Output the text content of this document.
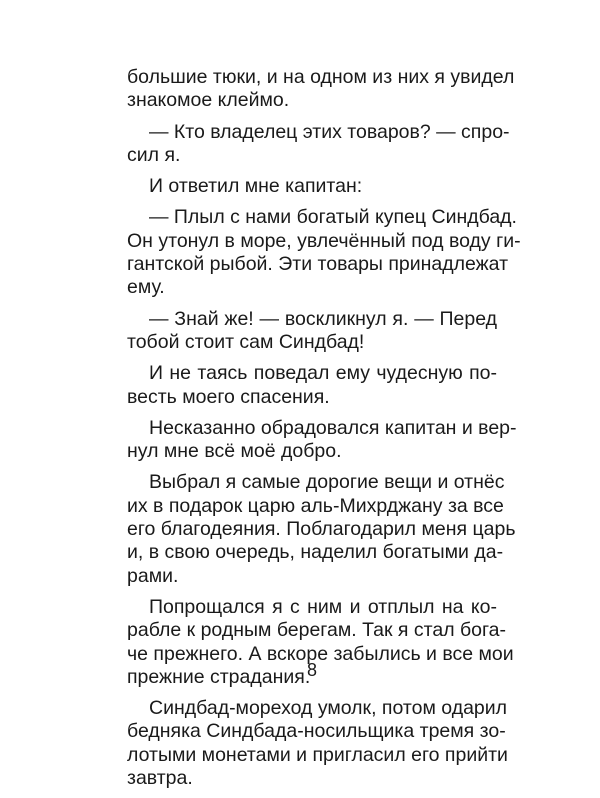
большие тюки, и на одном из них я увидел
знакомое клеймо.
— Кто владелец этих товаров? — спро-
сил я.
И ответил мне капитан:
— Плыл с нами богатый купец Синдбад.
Он утонул в море, увлечённый под воду ги-
гантской рыбой. Эти товары принадлежат
ему.
— Знай же! — воскликнул я. — Перед
тобой стоит сам Синдбад!
И не таясь поведал ему чудесную по-
весть моего спасения.
Несказанно обрадовался капитан и вер-
нул мне всё моё добро.
Выбрал я самые дорогие вещи и отнёс
их в подарок царю аль-Михрджану за все
его благодеяния. Поблагодарил меня царь
и, в свою очередь, наделил богатыми да-
рами.
Попрощался я с ним и отплыл на ко-
рабле к родным берегам. Так я стал бога-
че прежнего. А вскоре забылись и все мои
прежние страдания.
Синдбад-мореход умолк, потом одарил
бедняка Синдбада-носильщика тремя зо-
лотыми монетами и пригласил его прийти
завтра.
8
